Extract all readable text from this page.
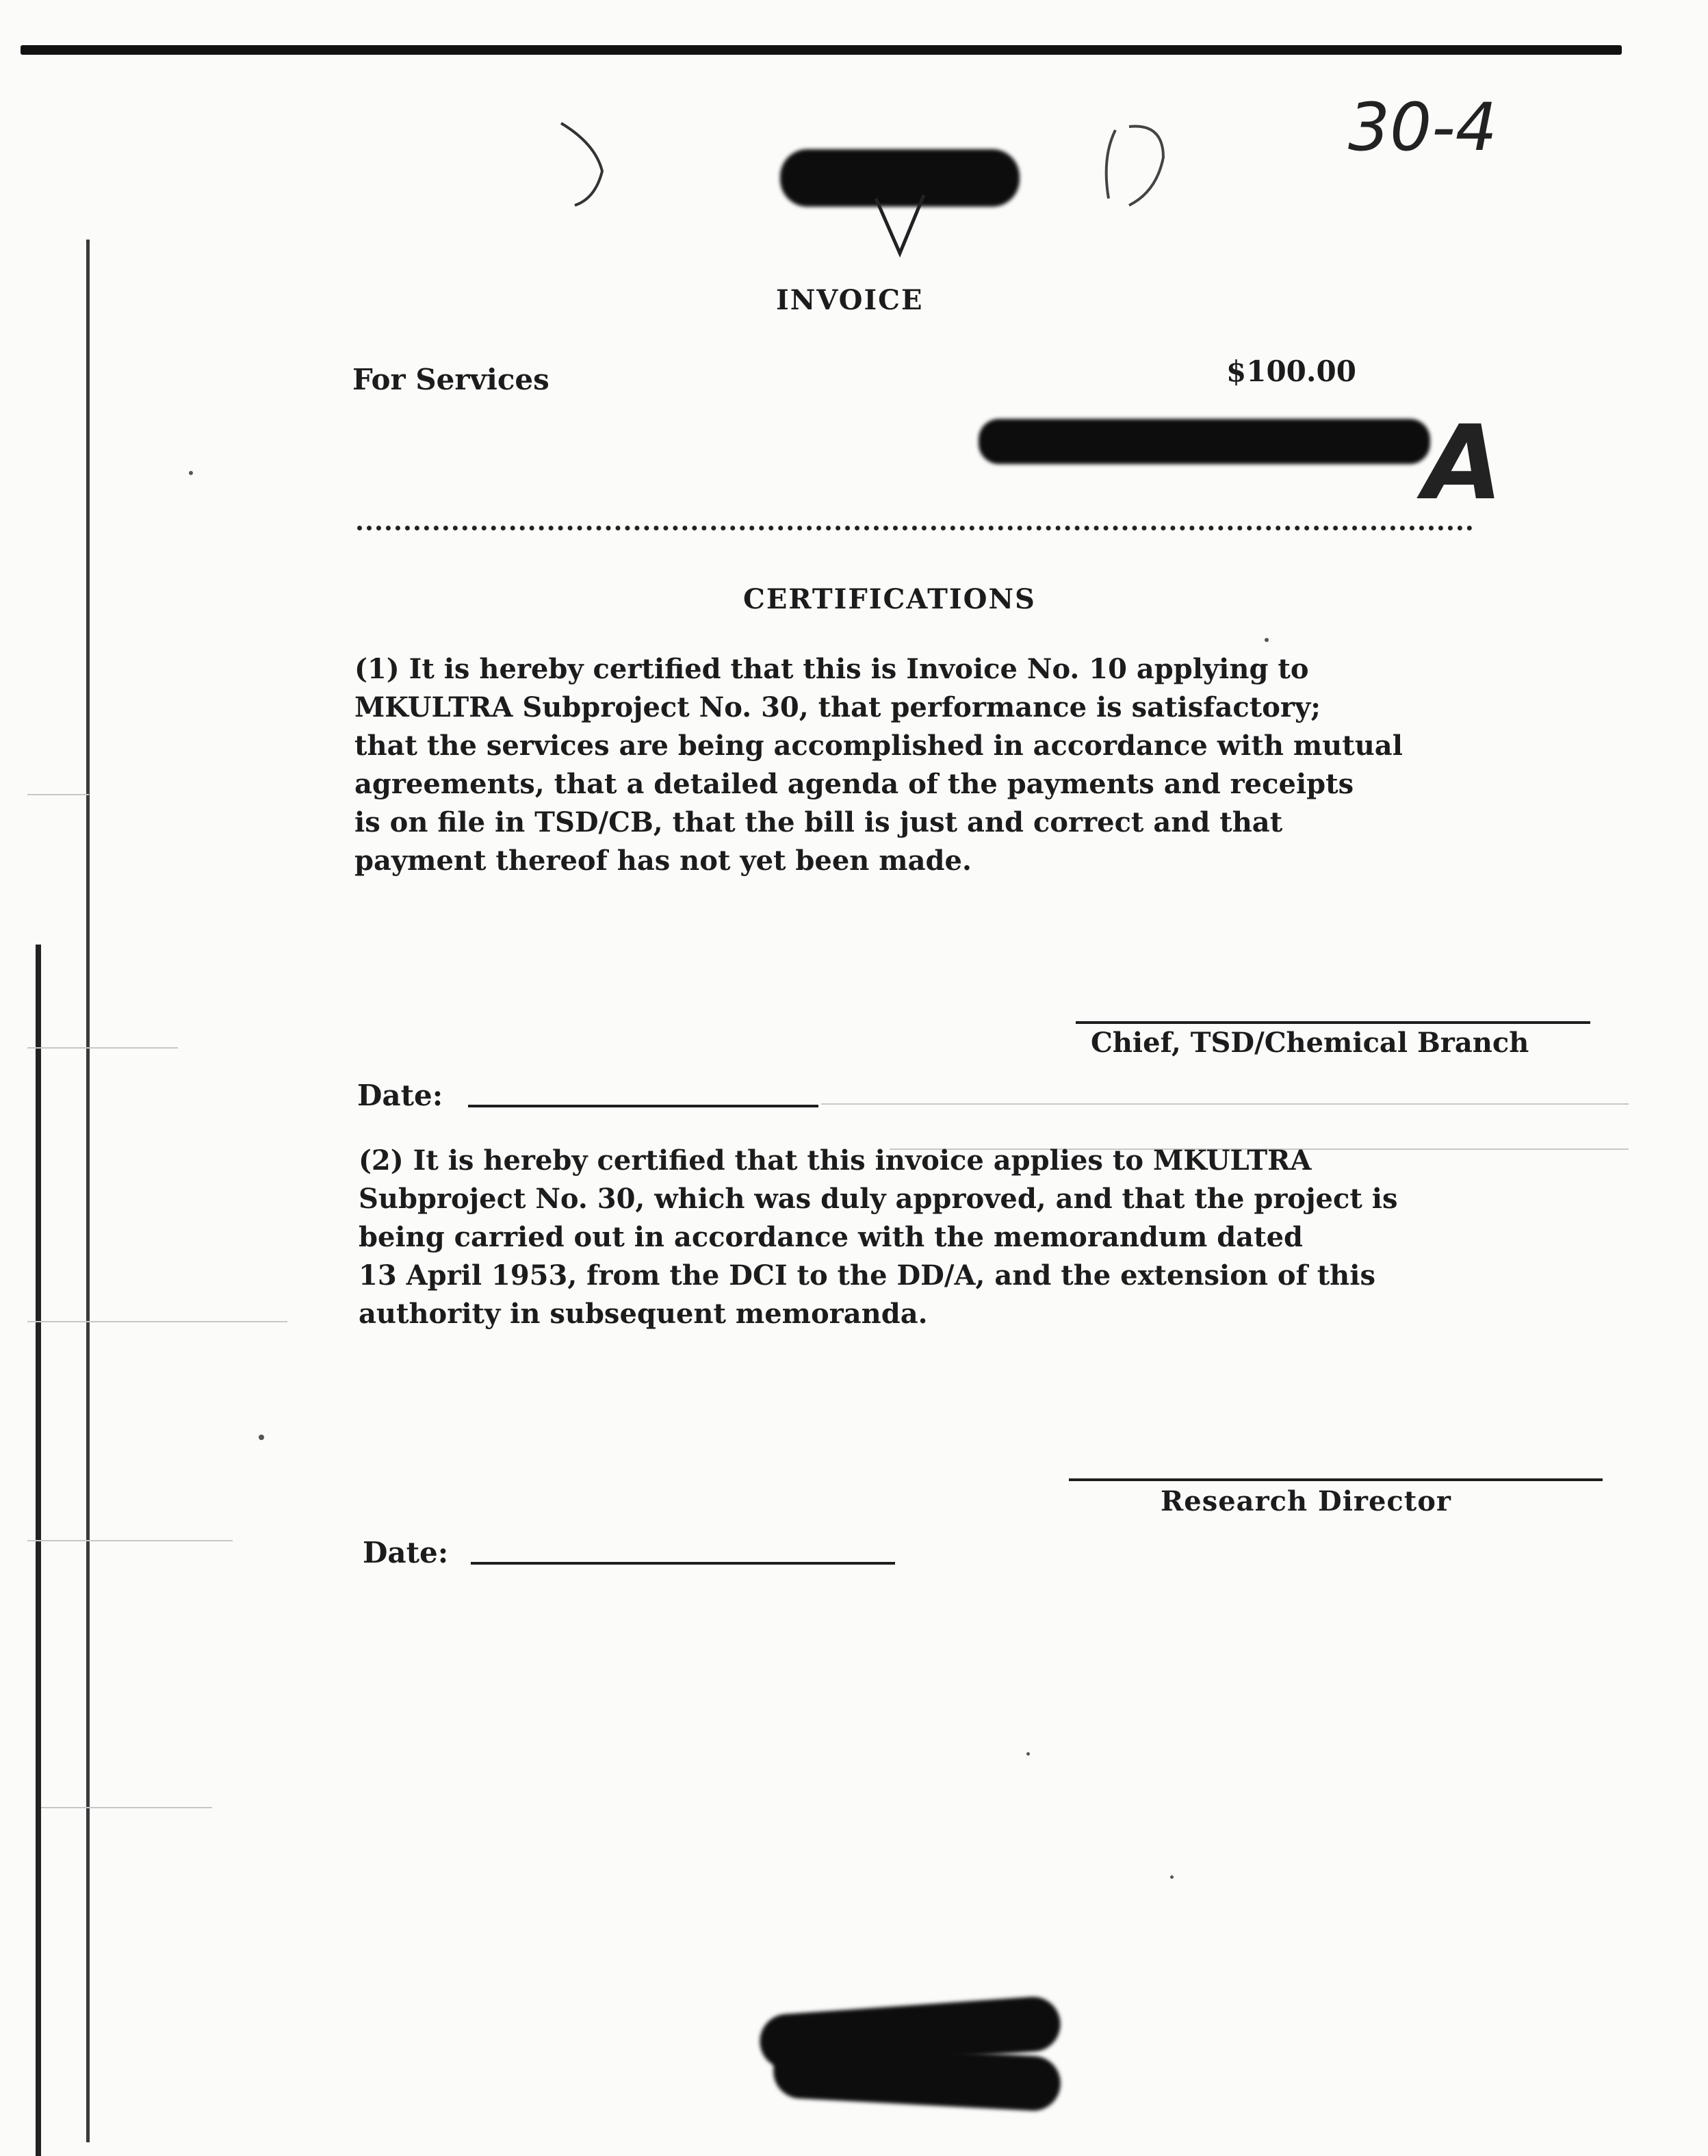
30-4
INVOICE
For Services	$100.00
A
CERTIFICATIONS
(1) It is hereby certified that this is Invoice No. 10 applying to
MKULTRA Subproject No. 30, that performance is satisfactory;
that the services are being accomplished in accordance with mutual
agreements, that a detailed agenda of the payments and receipts
is on file in TSD/CB, that the bill is just and correct and that
payment thereof has not yet been made.
Chief, TSD/Chemical Branch
Date:
(2) It is hereby certified that this invoice applies to MKULTRA
Subproject No. 30, which was duly approved, and that the project is
being carried out in accordance with the memorandum dated
13 April 1953, from the DCI to the DD/A, and the extension of this
authority in subsequent memoranda.
Research Director
Date:
